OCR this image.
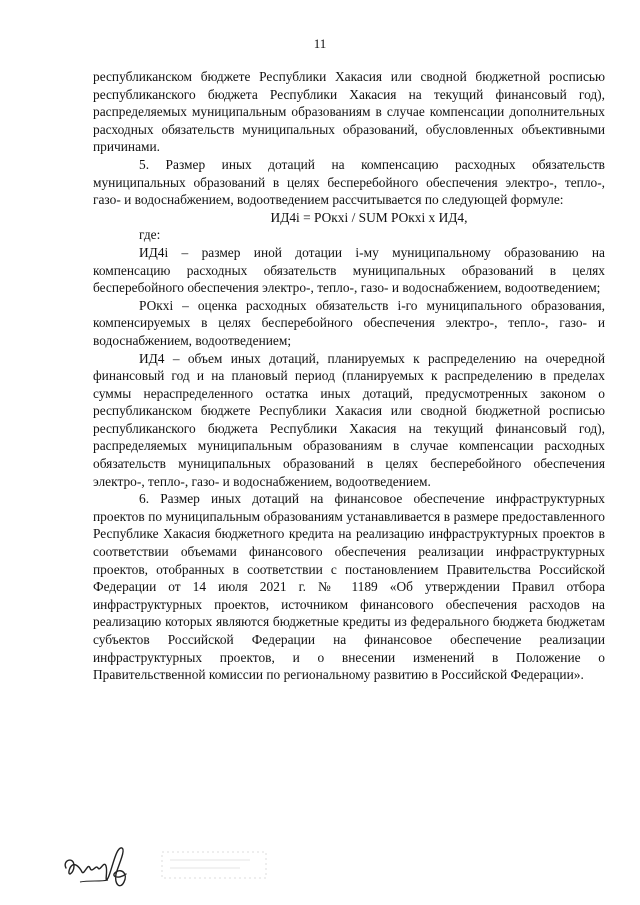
11

республиканском бюджете Республики Хакасия или сводной бюджетной росписью республиканского бюджета Республики Хакасия на текущий финансовый год), распределяемых муниципальным образованиям в случае компенсации дополнительных расходных обязательств муниципальных образований, обусловленных объективными причинами.

5. Размер иных дотаций на компенсацию расходных обязательств муниципальных образований в целях бесперебойного обеспечения электро-, тепло-, газо- и водоснабжением, водоотведением рассчитывается по следующей формуле:

ИД4i = РОкхi / SUM РОкхi x ИД4,

где:

ИД4i – размер иной дотации i-му муниципальному образованию на компенсацию расходных обязательств муниципальных образований в целях бесперебойного обеспечения электро-, тепло-, газо- и водоснабжением, водоотведением;

РОкхi – оценка расходных обязательств i-го муниципального образования, компенсируемых в целях бесперебойного обеспечения электро-, тепло-, газо- и водоснабжением, водоотведением;

ИД4 – объем иных дотаций, планируемых к распределению на очередной финансовый год и на плановый период (планируемых к распределению в пределах суммы нераспределенного остатка иных дотаций, предусмотренных законом о республиканском бюджете Республики Хакасия или сводной бюджетной росписью республиканского бюджета Республики Хакасия на текущий финансовый год), распределяемых муниципальным образованиям в случае компенсации расходных обязательств муниципальных образований в целях бесперебойного обеспечения электро-, тепло-, газо- и водоснабжением, водоотведением.

6. Размер иных дотаций на финансовое обеспечение инфраструктурных проектов по муниципальным образованиям устанавливается в размере предоставленного Республике Хакасия бюджетного кредита на реализацию инфраструктурных проектов в соответствии объемами финансового обеспечения реализации инфраструктурных проектов, отобранных в соответствии с постановлением Правительства Российской Федерации от 14 июля 2021 г. № 1189 «Об утверждении Правил отбора инфраструктурных проектов, источником финансового обеспечения расходов на реализацию которых являются бюджетные кредиты из федерального бюджета бюджетам субъектов Российской Федерации на финансовое обеспечение реализации инфраструктурных проектов, и о внесении изменений в Положение о Правительственной комиссии по региональному развитию в Российской Федерации».
